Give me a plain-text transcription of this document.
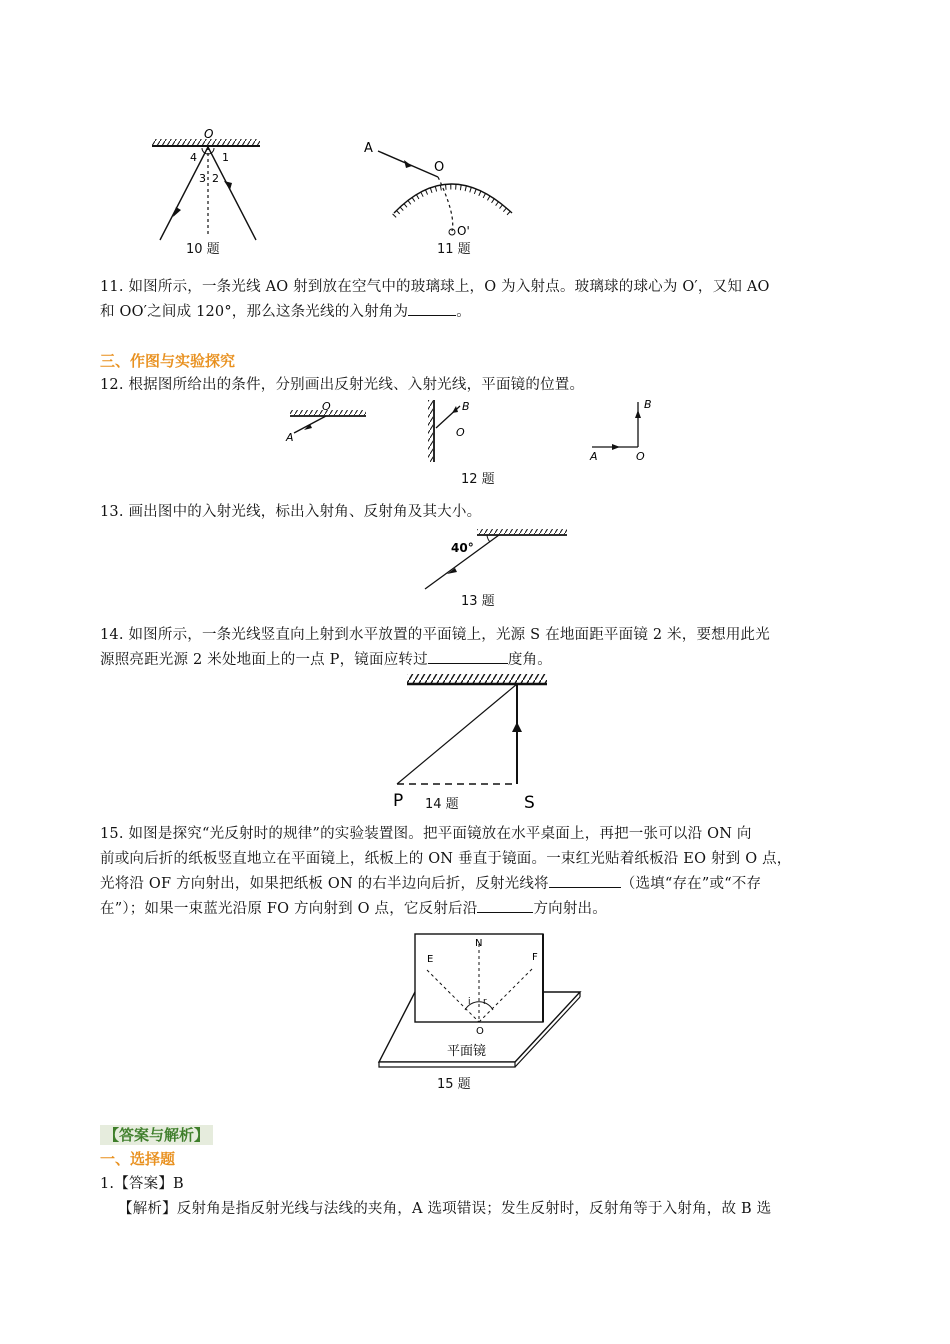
O
4 1
3 2
10 题
A
O
O'
11 题
11. 如图所示，一条光线 AO 射到放在空气中的玻璃球上，O 为入射点。玻璃球的球心为 O′，又知 AO
和 OO′之间成 120°，那么这条光线的入射角为	。
三、作图与实验探究
12. 根据图所给出的条件，分别画出反射光线、入射光线，平面镜的位置。
O
A
B
O
B
A	O
12 题
13. 画出图中的入射光线，标出入射角、反射角及其大小。
40°
13 题
14. 如图所示，一条光线竖直向上射到水平放置的平面镜上，光源 S 在地面距平面镜 2 米，要想用此光
源照亮距光源 2 米处地面上的一点 P，镜面应转过	度角。
P	S
14 题
15. 如图是探究“光反射时的规律”的实验装置图。把平面镜放在水平桌面上，再把一张可以沿 ON 向
前或向后折的纸板竖直地立在平面镜上，纸板上的 ON 垂直于镜面。一束红光贴着纸板沿 EO 射到 O 点，
光将沿 OF 方向射出，如果把纸板 ON 的右半边向后折，反射光线将	（选填“存在”或“不存
在”）；如果一束蓝光沿原 FO 方向射到 O 点，它反射后沿	方向射出。
N
E	F
i r
O
平面镜
15 题
【答案与解析】
一、选择题
1.【答案】B
【解析】反射角是指反射光线与法线的夹角，A 选项错误；发生反射时，反射角等于入射角，故 B 选
